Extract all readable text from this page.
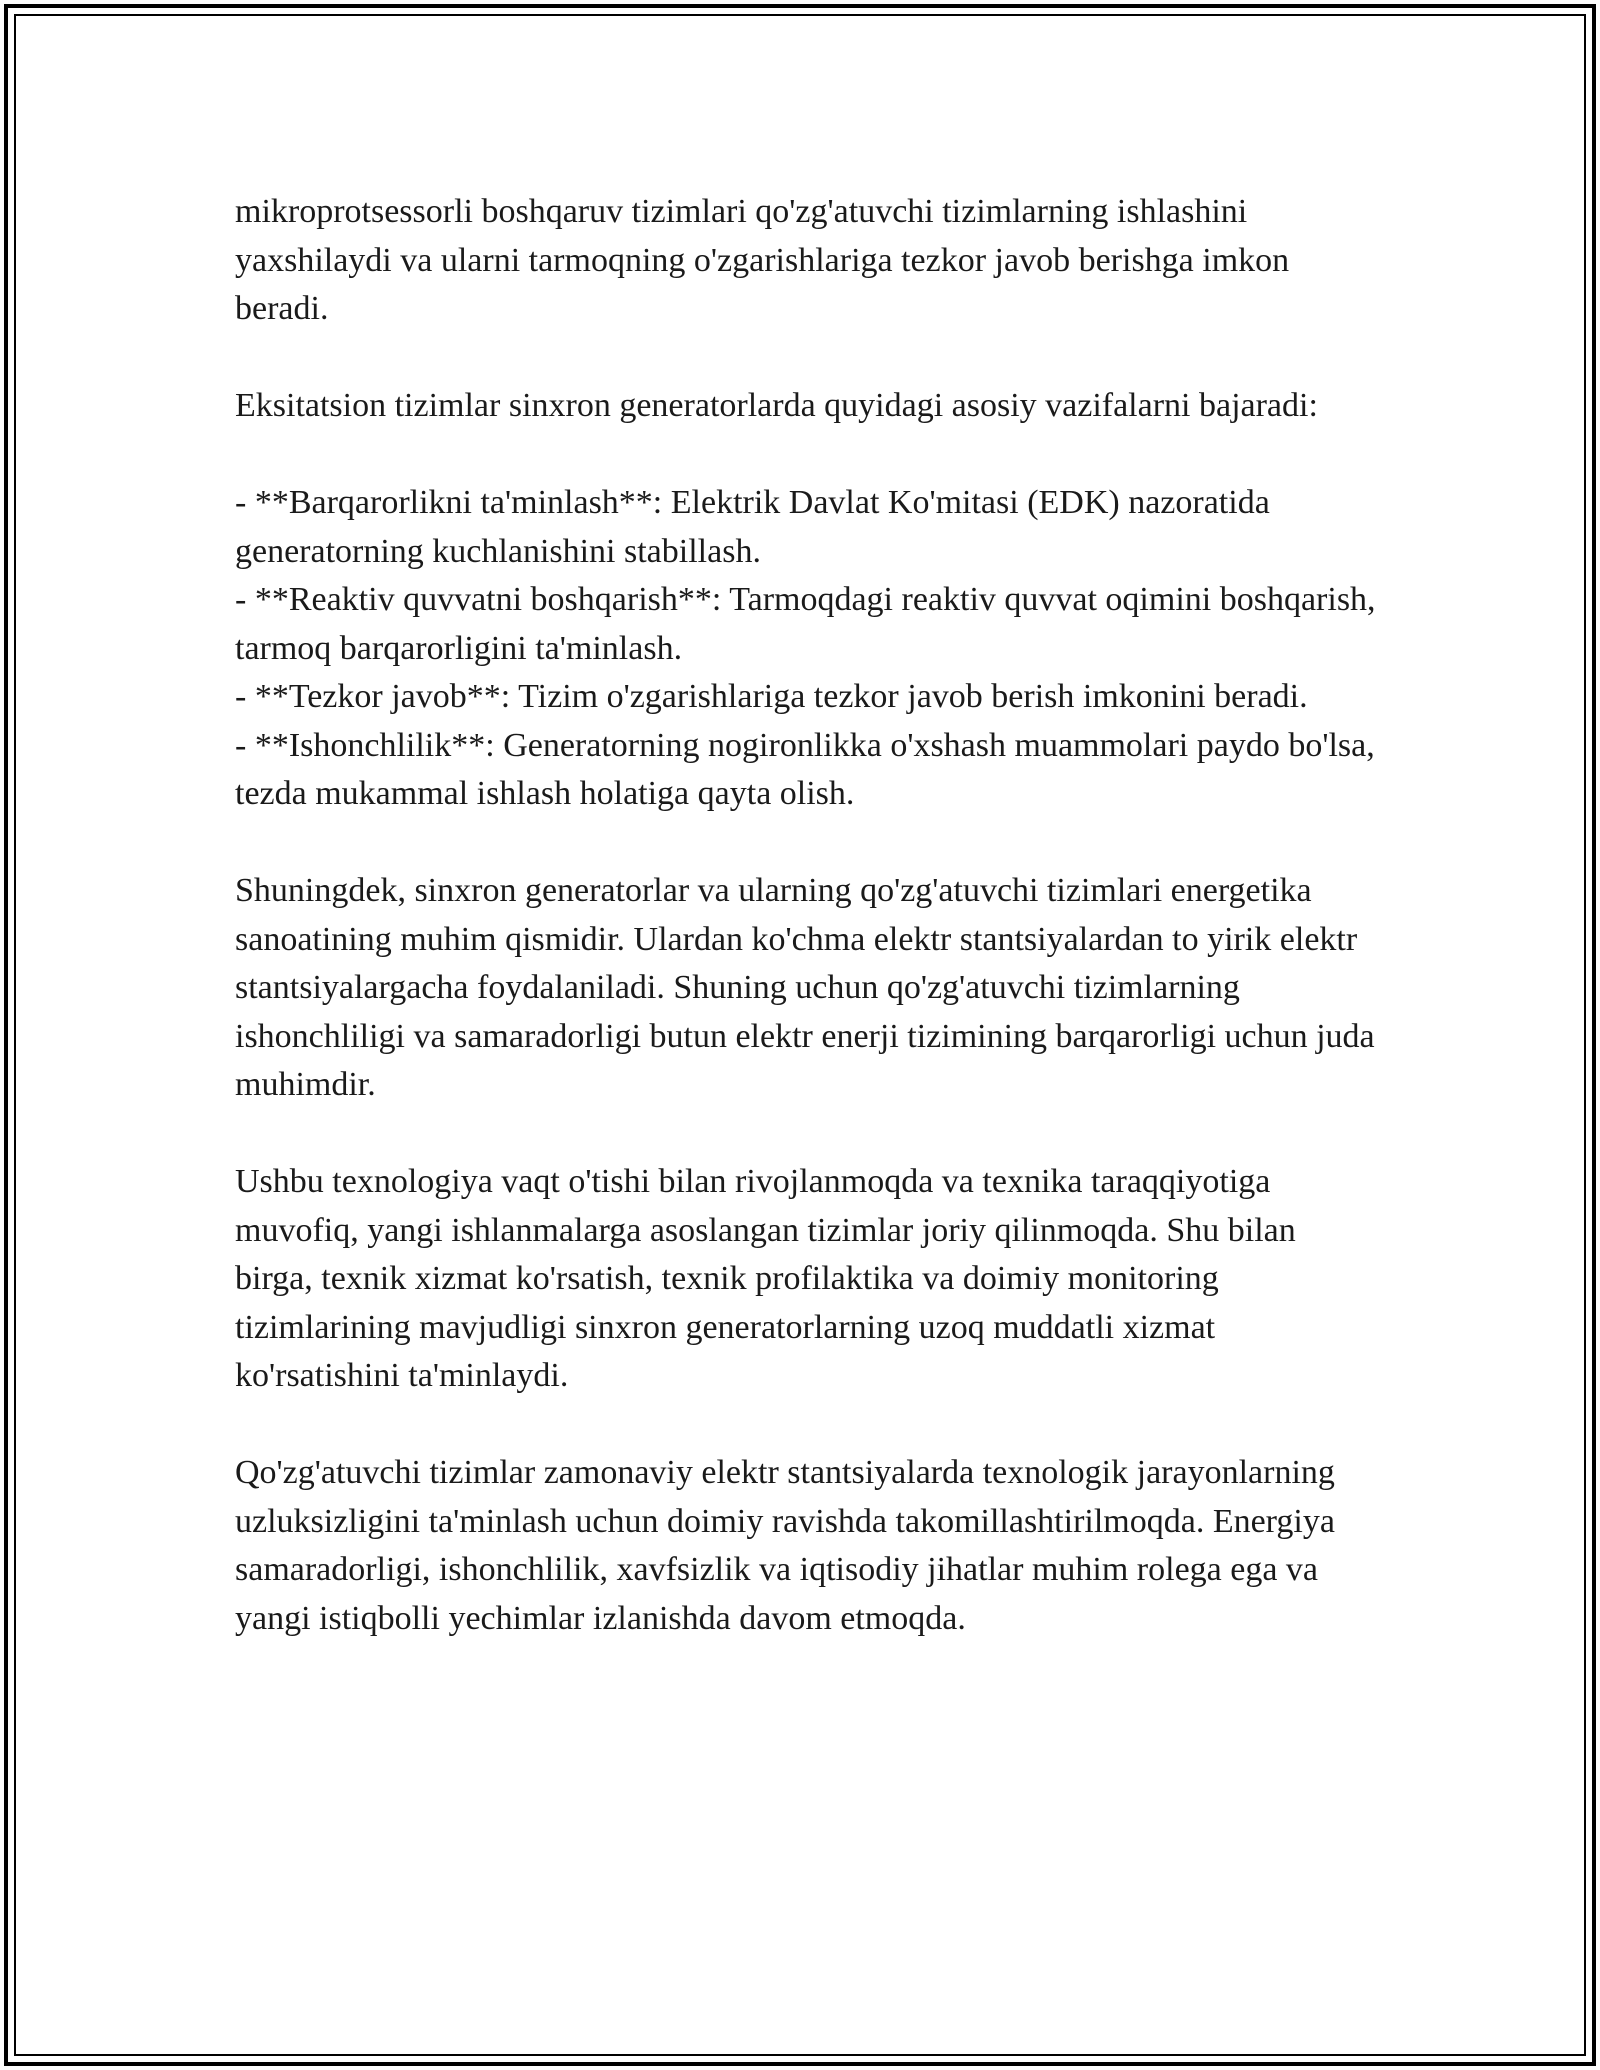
mikroprotsessorli boshqaruv tizimlari qo'zg'atuvchi tizimlarning ishlashini yaxshilaydi va ularni tarmoqning o'zgarishlariga tezkor javob berishga imkon beradi.

Eksitatsion tizimlar sinxron generatorlarda quyidagi asosiy vazifalarni bajaradi:

- **Barqarorlikni ta'minlash**: Elektrik Davlat Ko'mitasi (EDK) nazoratida generatorning kuchlanishini stabillash.
- **Reaktiv quvvatni boshqarish**: Tarmoqdagi reaktiv quvvat oqimini boshqarish, tarmoq barqarorligini ta'minlash.
- **Tezkor javob**: Tizim o'zgarishlariga tezkor javob berish imkonini beradi.
- **Ishonchlilik**: Generatorning nogironlikka o'xshash muammolari paydo bo'lsa, tezda mukammal ishlash holatiga qayta olish.

Shuningdek, sinxron generatorlar va ularning qo'zg'atuvchi tizimlari energetika sanoatining muhim qismidir. Ulardan ko'chma elektr stantsiyalardan to yirik elektr stantsiyalargacha foydalaniladi. Shuning uchun qo'zg'atuvchi tizimlarning ishonchliligi va samaradorligi butun elektr enerji tizimining barqarorligi uchun juda muhimdir.

Ushbu texnologiya vaqt o'tishi bilan rivojlanmoqda va texnika taraqqiyotiga muvofiq, yangi ishlanmalarga asoslangan tizimlar joriy qilinmoqda. Shu bilan birga, texnik xizmat ko'rsatish, texnik profilaktika va doimiy monitoring tizimlarining mavjudligi sinxron generatorlarning uzoq muddatli xizmat ko'rsatishini ta'minlaydi.

Qo'zg'atuvchi tizimlar zamonaviy elektr stantsiyalarda texnologik jarayonlarning uzluksizligini ta'minlash uchun doimiy ravishda takomillashtirilmoqda. Energiya samaradorligi, ishonchlilik, xavfsizlik va iqtisodiy jihatlar muhim rolega ega va yangi istiqbolli yechimlar izlanishda davom etmoqda.
